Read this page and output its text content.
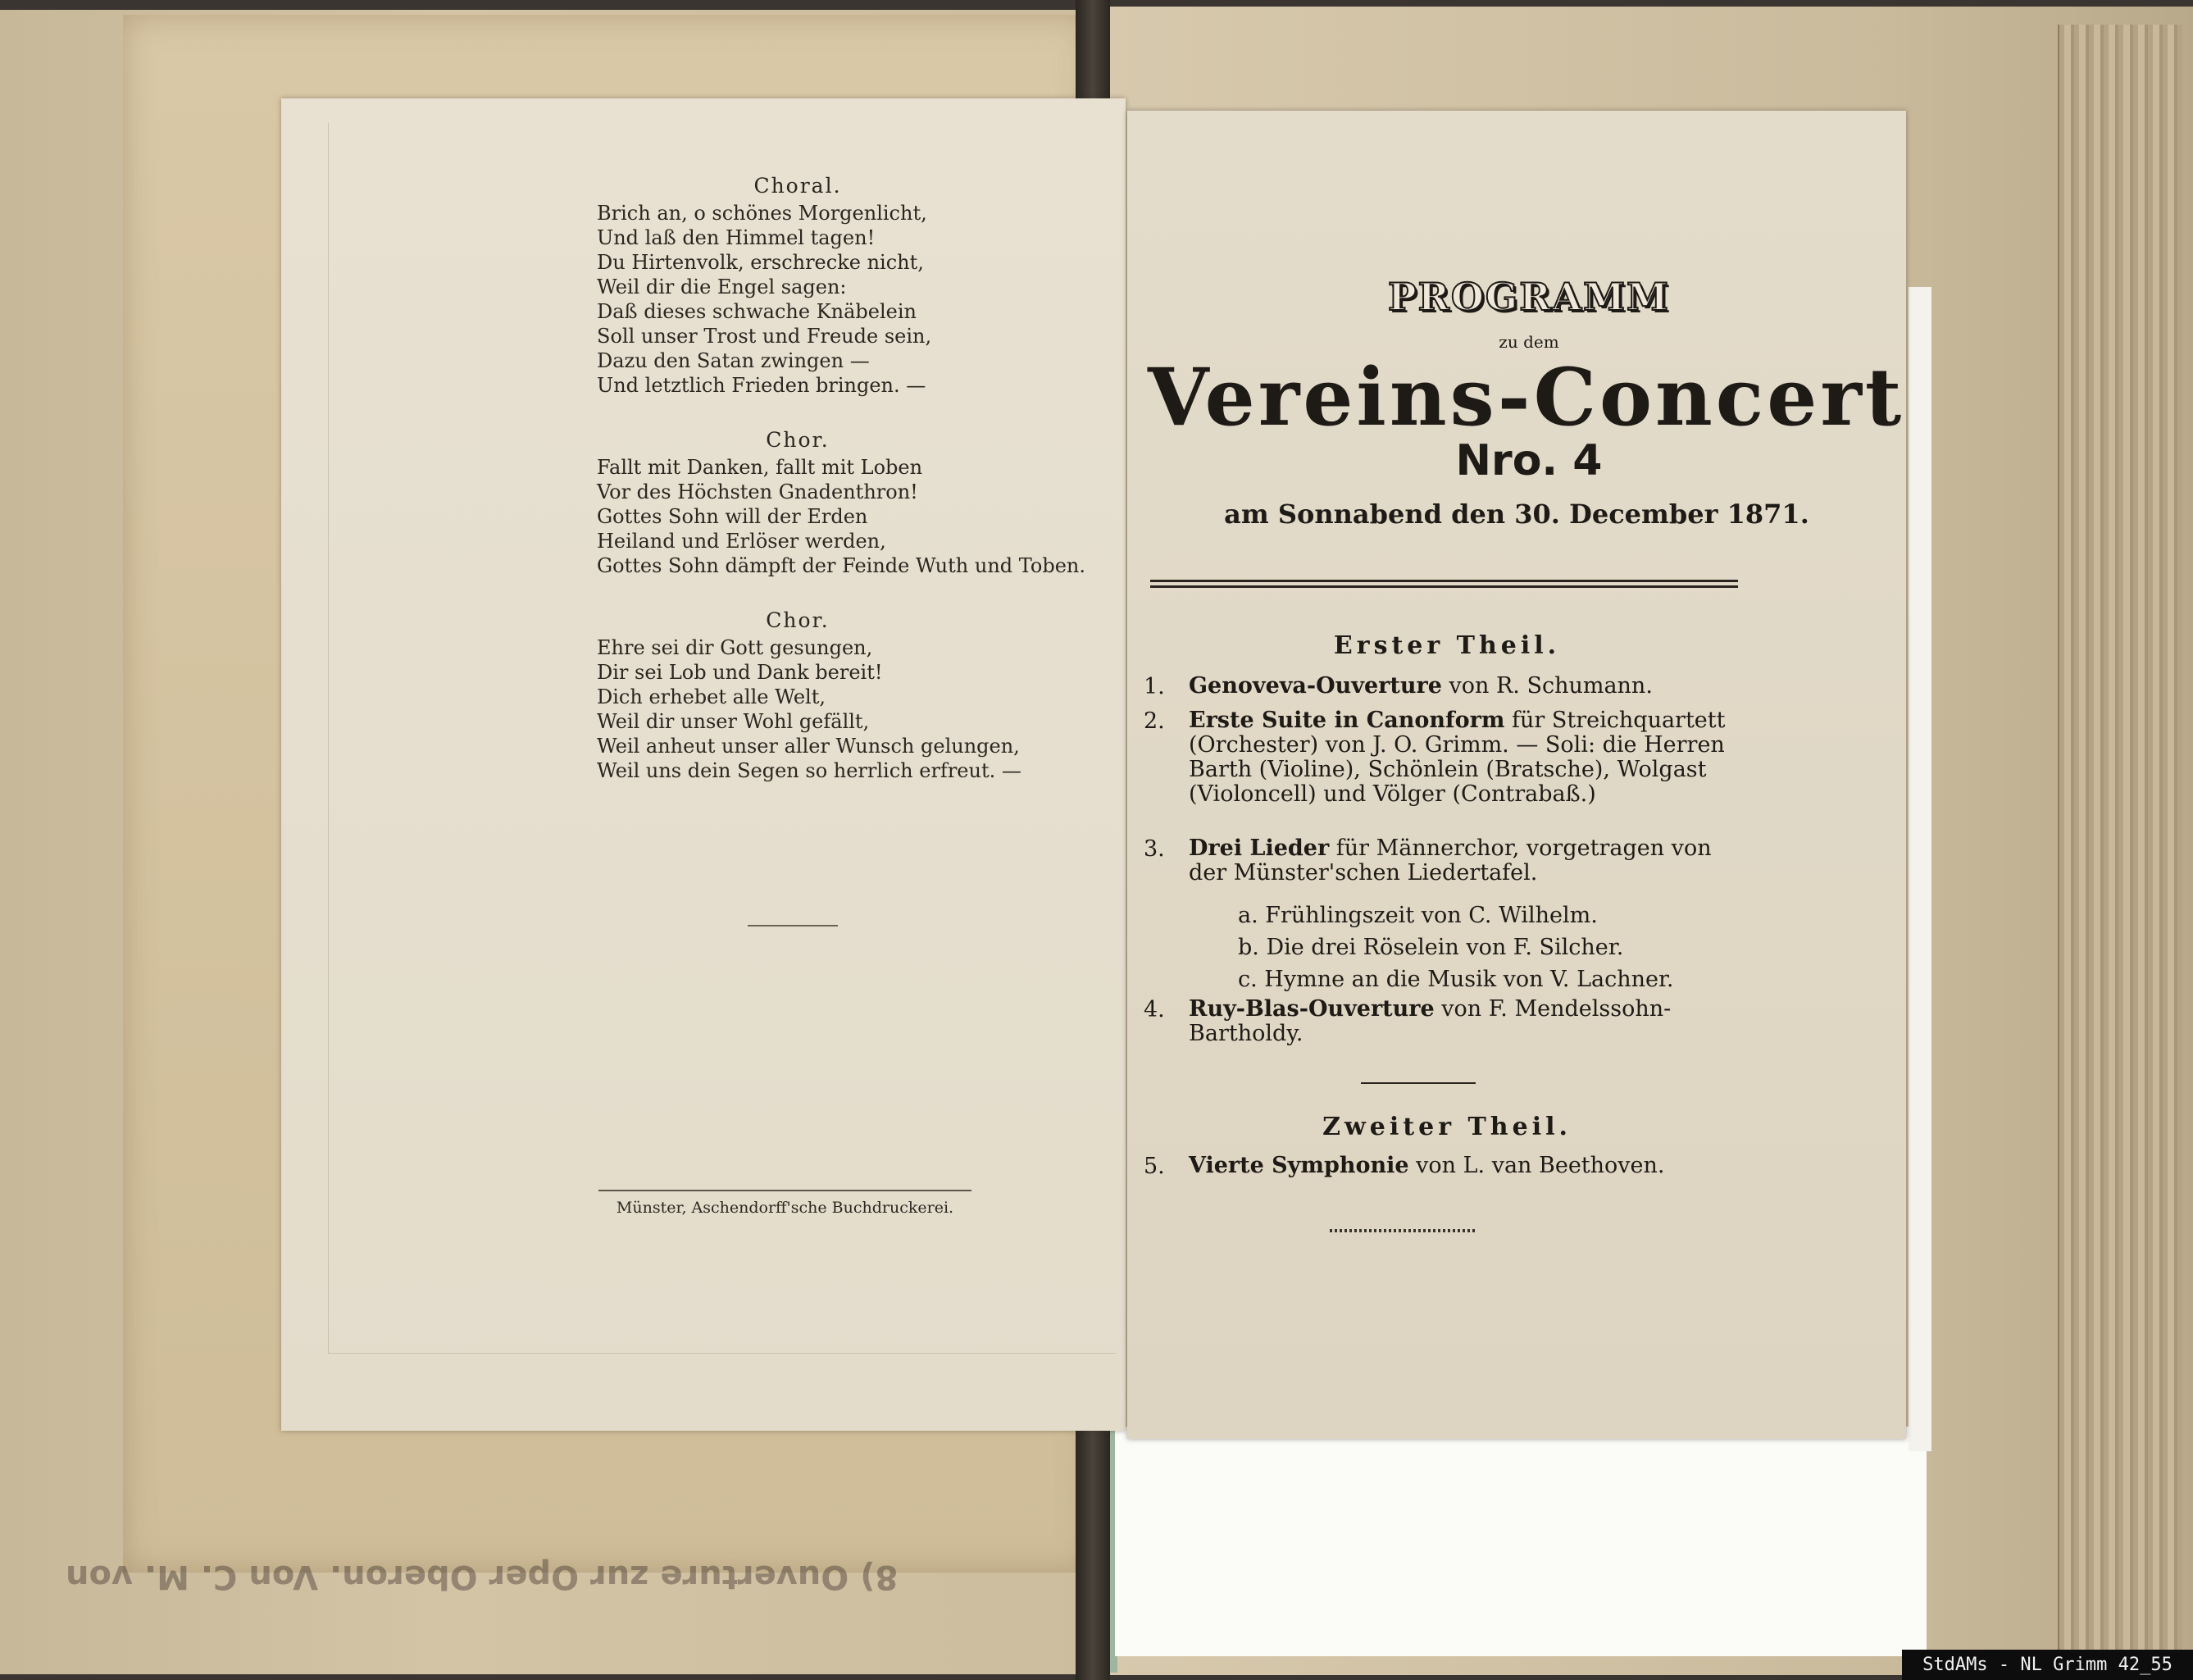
8) Ouverture zur Oper Oberon. Von C. M. von
Choral.
Brich an, o schönes Morgenlicht,
Und laß den Himmel tagen!
Du Hirtenvolk, erschrecke nicht,
Weil dir die Engel sagen:
Daß dieses schwache Knäbelein
Soll unser Trost und Freude sein,
Dazu den Satan zwingen —
Und letztlich Frieden bringen. —
Chor.
Fallt mit Danken, fallt mit Loben
Vor des Höchsten Gnadenthron!
Gottes Sohn will der Erden
Heiland und Erlöser werden,
Gottes Sohn dämpft der Feinde Wuth und Toben.
Chor.
Ehre sei dir Gott gesungen,
Dir sei Lob und Dank bereit!
Dich erhebet alle Welt,
Weil dir unser Wohl gefällt,
Weil anheut unser aller Wunsch gelungen,
Weil uns dein Segen so herrlich erfreut. —
Münster, Aschendorff'sche Buchdruckerei.
PROGRAMM
zu dem
Vereins-Concert
Nro. 4
am Sonnabend den 30. December 1871.
Erster Theil.
1.	Genoveva-Ouverture von R. Schumann.
2.	Erste Suite in Canonform für Streichquartett (Orchester) von J. O. Grimm. — Soli: die Herren Barth (Violine), Schönlein (Bratsche), Wolgast (Violoncell) und Völger (Contrabaß.)
3.	Drei Lieder für Männerchor, vorgetragen von der Münster'schen Liedertafel.
a. Frühlingszeit von C. Wilhelm.
b. Die drei Röselein von F. Silcher.
c. Hymne an die Musik von V. Lachner.
4.	Ruy-Blas-Ouverture von F. Mendelssohn-Bartholdy.
Zweiter Theil.
5.	Vierte Symphonie von L. van Beethoven.
StdAMs - NL Grimm 42_55
